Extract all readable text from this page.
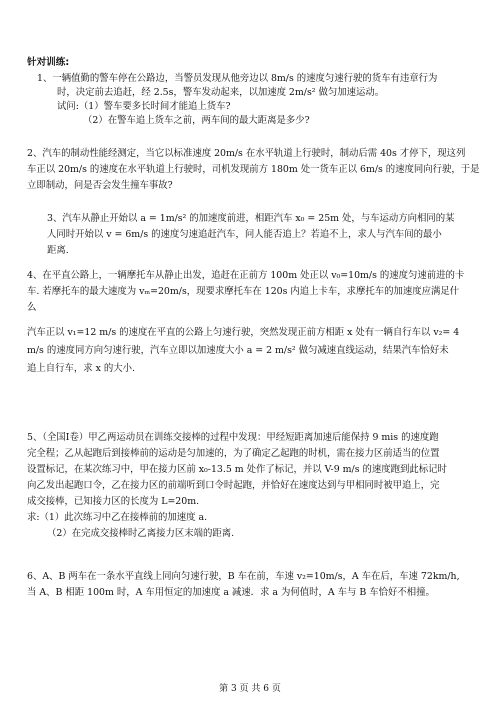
针对训练:
1、一辆值勤的警车停在公路边，当警员发现从他旁边以 8m/s 的速度匀速行驶的货车有违章行为
时，决定前去追赶，经 2.5s，警车发动起来，以加速度 2m/s² 做匀加速运动。
试问:（1）警车要多长时间才能追上货车?
（2）在警车追上货车之前，两车间的最大距离是多少?
2、汽车的制动性能经测定，当它以标准速度 20m/s 在水平轨道上行驶时，制动后需 40s 才停下，现这列
车正以 20m/s 的速度在水平轨道上行驶时，司机发现前方 180m 处一货车正以 6m/s 的速度同向行驶，于是
立即制动，问是否会发生撞车事故?
3、汽车从静止开始以 a = 1m/s² 的加速度前进，相距汽车 x₀ = 25m 处，与车运动方向相同的某
人同时开始以 v = 6m/s 的速度匀速追赶汽车，问人能否追上？若追不上，求人与汽车间的最小
距离.
4、在平直公路上，一辆摩托车从静止出发，追赶在正前方 100m 处正以 v₀=10m/s 的速度匀速前进的卡
车. 若摩托车的最大速度为 vₘ=20m/s，现要求摩托车在 120s 内追上卡车，求摩托车的加速度应满足什
么
汽车正以 v₁=12 m/s 的速度在平直的公路上匀速行驶，突然发现正前方相距 x 处有一辆自行车以 v₂= 4
m/s 的速度同方向匀速行驶，汽车立即以加速度大小 a = 2 m/s² 做匀减速直线运动，结果汽车恰好未
追上自行车，求 x 的大小.
5、（全国Ⅰ卷）甲乙两运动员在训练交接棒的过程中发现：甲经短距离加速后能保持 9 mis 的速度跑
完全程；乙从起跑后到接棒前的运动是匀加速的，为了确定乙起跑的时机，需在接力区前适当的位置
设置标记，在某次练习中，甲在接力区前 x₀-13.5 m 处作了标记，并以 V-9 m/s 的速度跑到此标记时
向乙发出起跑口令，乙在接力区的前端听到口令时起跑，并恰好在速度达到与甲相同时被甲追上，完
成交接棒，已知接力区的长度为 L=20m.
求:（1）此次练习中乙在接棒前的加速度 a.
（2）在完成交接棒时乙离接力区末端的距离.
6、A、B 两车在一条水平直线上同向匀速行驶，B 车在前，车速 v₂=10m/s，A 车在后，车速 72km/h,
当 A、B 相距 100m 时，A 车用恒定的加速度 a 减速．求 a 为何值时，A 车与 B 车恰好不相撞。
第 3 页 共 6 页
